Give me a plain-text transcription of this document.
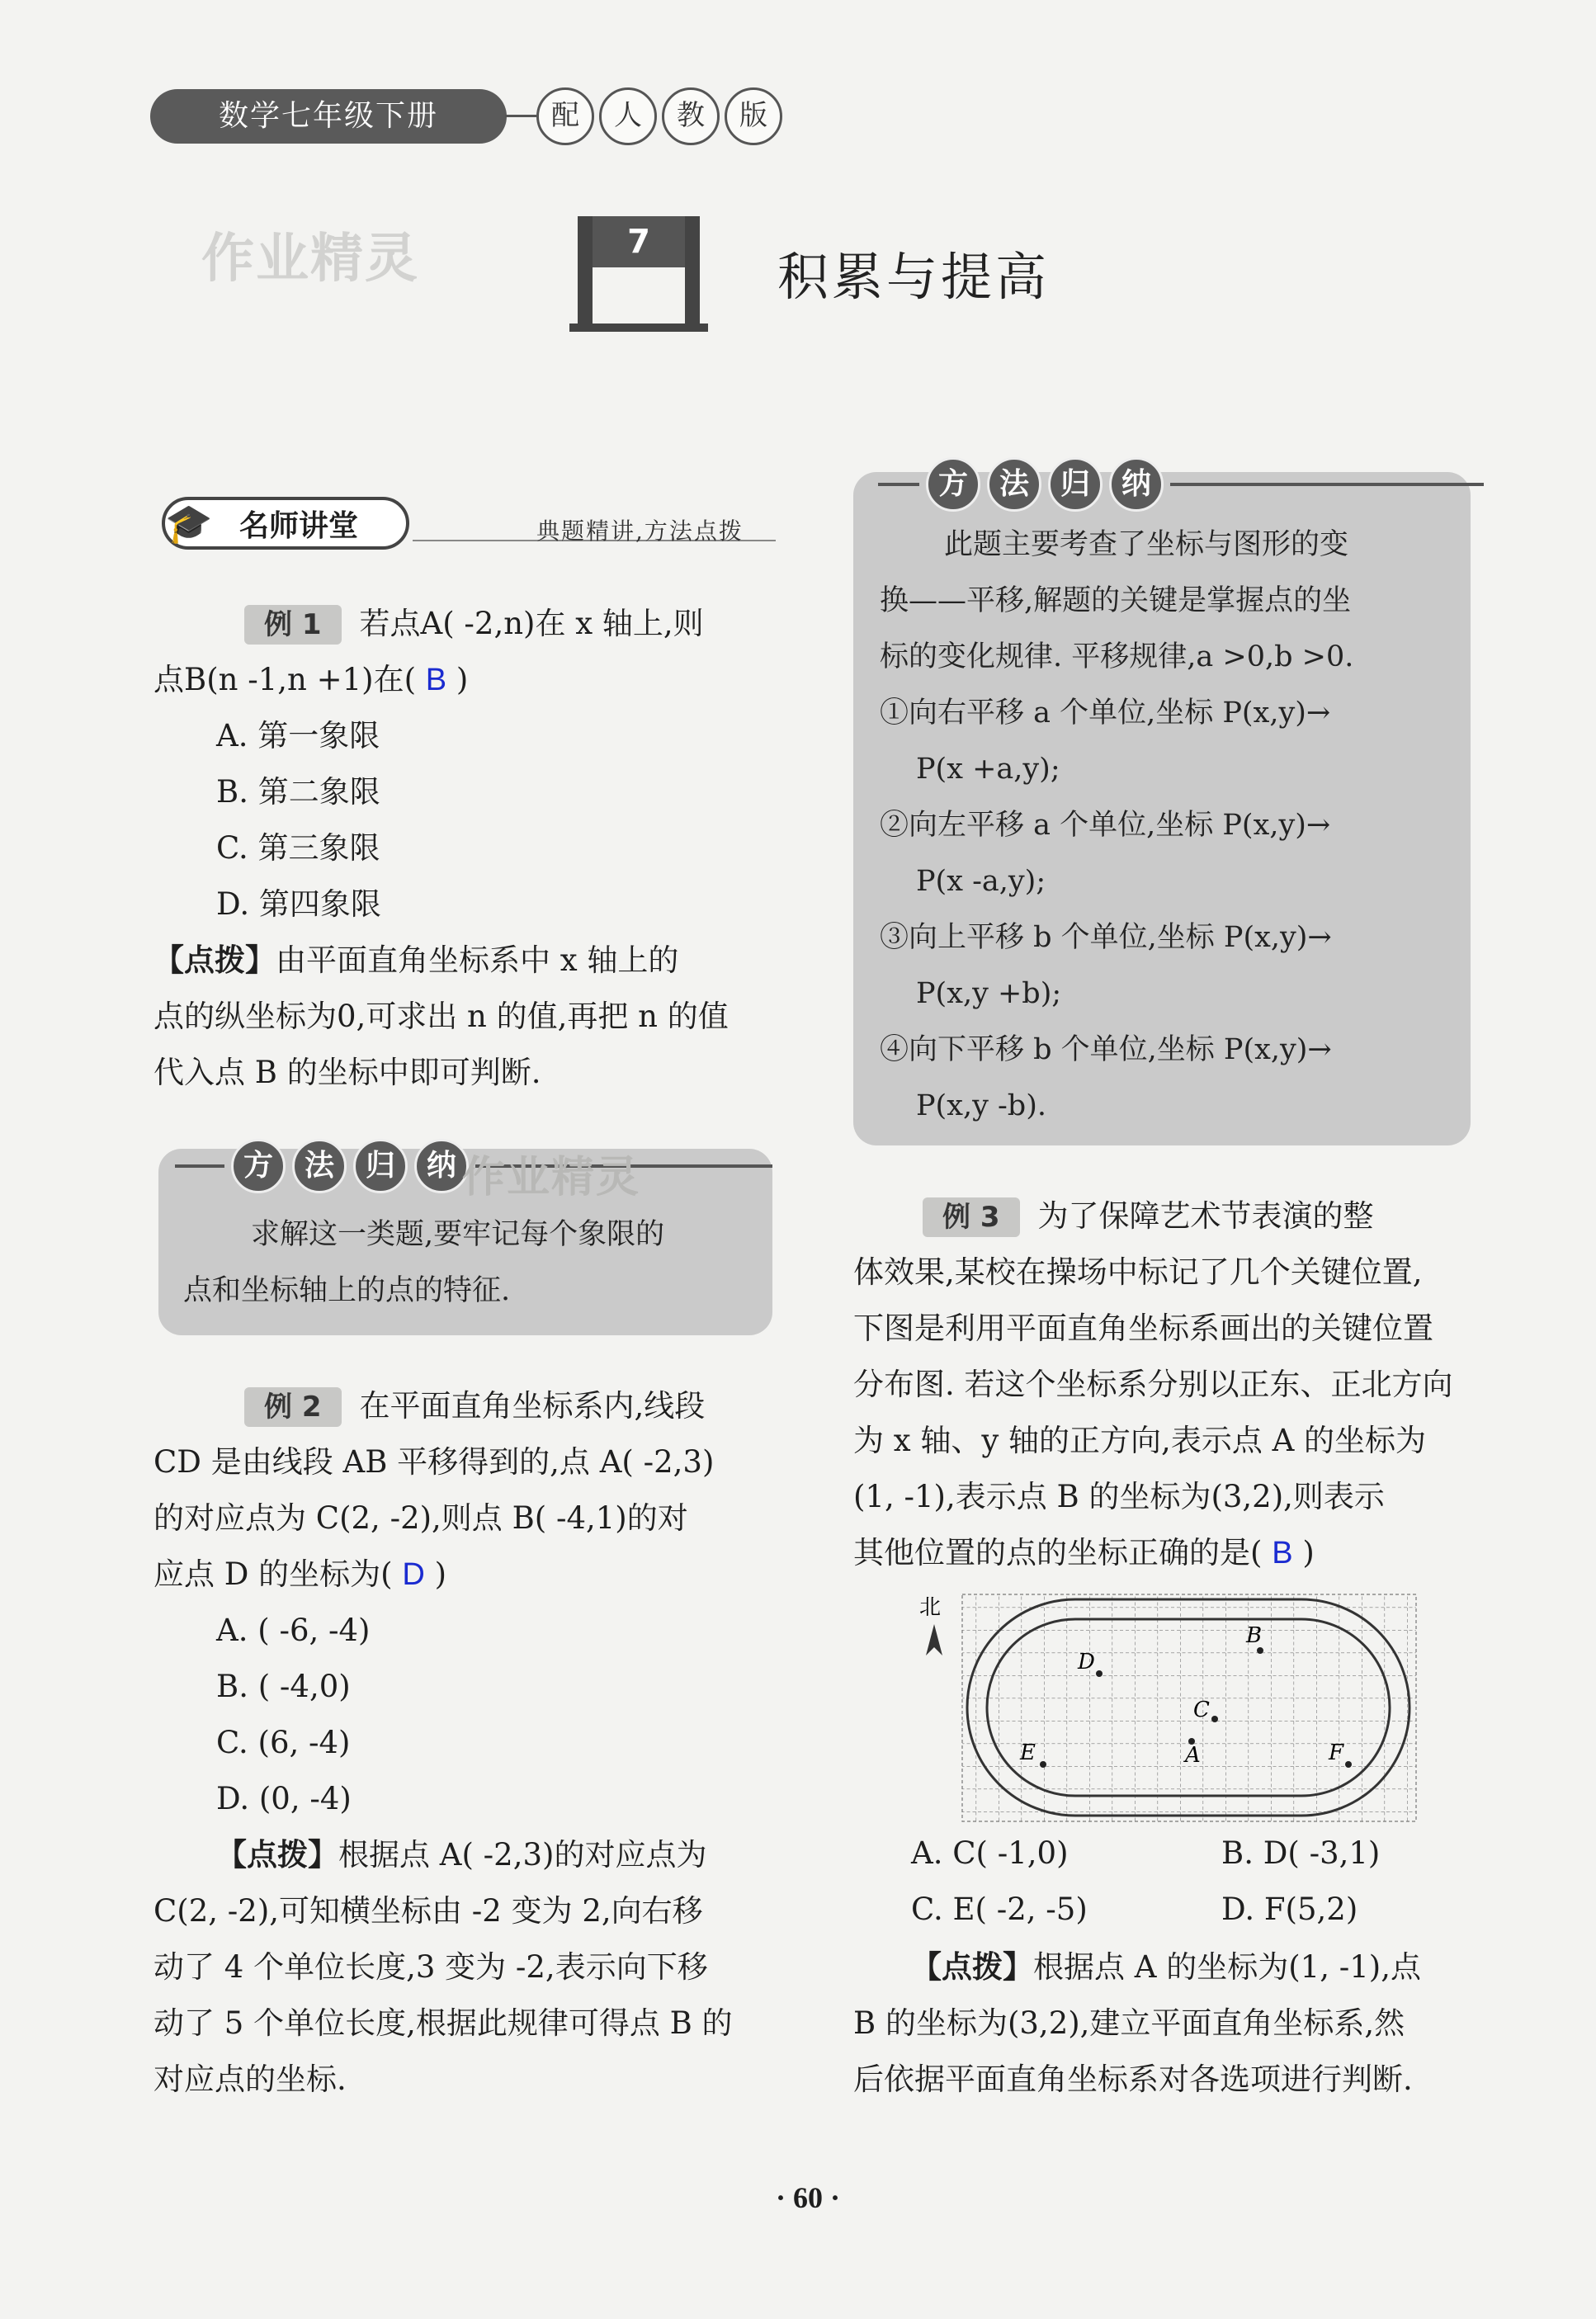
数学七年级下册	配	人	教	版
作业精灵	7
积累与提高
名师讲堂
🎓	典题精讲,方法点拨
例 1 若点A( -2,n)在 x 轴上,则
点B(n -1,n +1)在( B )
A. 第一象限
B. 第二象限
C. 第三象限
D. 第四象限
【点拨】由平面直角坐标系中 x 轴上的
点的纵坐标为0,可求出 n 的值,再把 n 的值
代入点 B 的坐标中即可判断.
方	法	归	纳 作业精灵
求解这一类题,要牢记每个象限的
点和坐标轴上的点的特征.
例 2 在平面直角坐标系内,线段
CD 是由线段 AB 平移得到的,点 A( -2,3)
的对应点为 C(2, -2),则点 B( -4,1)的对
应点 D 的坐标为( D )
A. ( -6, -4)
B. ( -4,0)
C. (6, -4)
D. (0, -4)
【点拨】根据点 A( -2,3)的对应点为
C(2, -2),可知横坐标由 -2 变为 2,向右移
动了 4 个单位长度,3 变为 -2,表示向下移
动了 5 个单位长度,根据此规律可得点 B 的
对应点的坐标.
方	法	归	纳
此题主要考查了坐标与图形的变
换——平移,解题的关键是掌握点的坐
标的变化规律. 平移规律,a >0,b >0.
①向右平移 a 个单位,坐标 P(x,y)→
P(x +a,y);
②向左平移 a 个单位,坐标 P(x,y)→
P(x -a,y);
③向上平移 b 个单位,坐标 P(x,y)→
P(x,y +b);
④向下平移 b 个单位,坐标 P(x,y)→
P(x,y -b).
例 3 为了保障艺术节表演的整
体效果,某校在操场中标记了几个关键位置,
下图是利用平面直角坐标系画出的关键位置
分布图. 若这个坐标系分别以正东、正北方向
为 x 轴、y 轴的正方向,表示点 A 的坐标为
(1, -1),表示点 B 的坐标为(3,2),则表示
其他位置的点的坐标正确的是( B )
北
B
D
C
A
E	F
A. C( -1,0)	B. D( -3,1)
C. E( -2, -5)	D. F(5,2)
【点拨】根据点 A 的坐标为(1, -1),点
B 的坐标为(3,2),建立平面直角坐标系,然
后依据平面直角坐标系对各选项进行判断.
· 60 ·
